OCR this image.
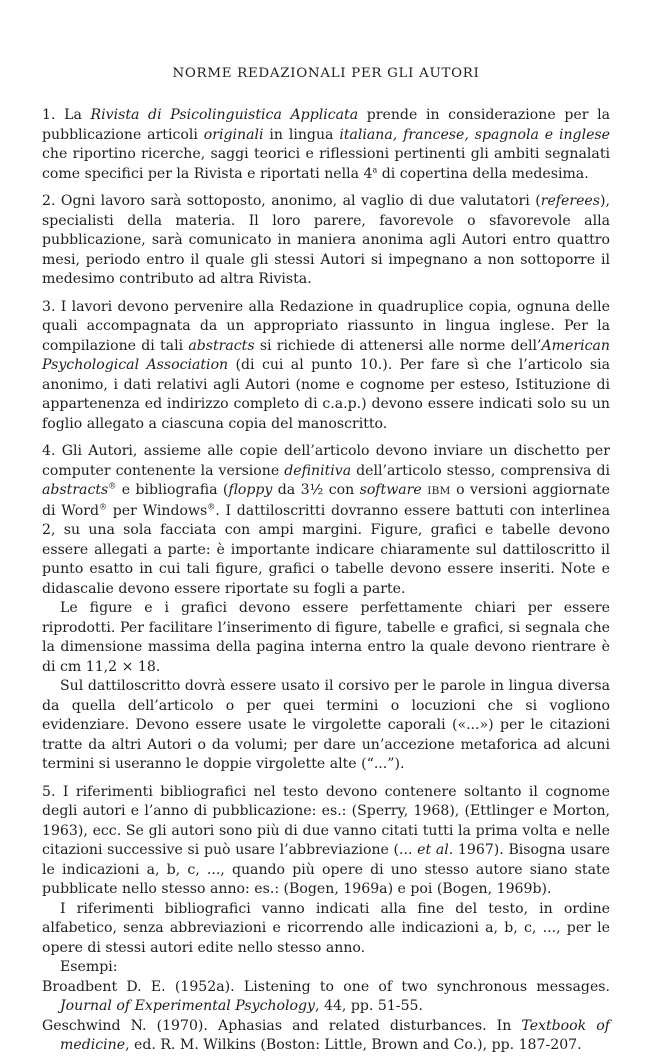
NORME REDAZIONALI PER GLI AUTORI

1. La Rivista di Psicolinguistica Applicata prende in considerazione per la pubblicazione articoli originali in lingua italiana, francese, spagnola e inglese che riportino ricerche, saggi teorici e riflessioni pertinenti gli ambiti segnalati come specifici per la Rivista e riportati nella 4$^a$ di copertina della medesima.

2. Ogni lavoro sarà sottoposto, anonimo, al vaglio di due valutatori (referees), specialisti della materia. Il loro parere, favorevole o sfavorevole alla pubblicazione, sarà comunicato in maniera anonima agli Autori entro quattro mesi, periodo entro il quale gli stessi Autori si impegnano a non sottoporre il medesimo contributo ad altra Rivista.

3. I lavori devono pervenire alla Redazione in quadruplice copia, ognuna delle quali accompagnata da un appropriato riassunto in lingua inglese. Per la compilazione di tali abstracts si richiede di attenersi alle norme dell’American Psychological Association (di cui al punto 10.). Per fare sì che l’articolo sia anonimo, i dati relativi agli Autori (nome e cognome per esteso, Istituzione di appartenenza ed indirizzo completo di c.a.p.) devono essere indicati solo su un foglio allegato a ciascuna copia del manoscritto.

4. Gli Autori, assieme alle copie dell’articolo devono inviare un dischetto per computer contenente la versione definitiva dell’articolo stesso, comprensiva di abstracts® e bibliografia (floppy da 3½ con software IBM o versioni aggiornate di Word® per Windows®. I dattiloscritti dovranno essere battuti con interlinea 2, su una sola facciata con ampi margini. Figure, grafici e tabelle devono essere allegati a parte: è importante indicare chiaramente sul dattiloscritto il punto esatto in cui tali figure, grafici o tabelle devono essere inseriti. Note e didascalie devono essere riportate su fogli a parte.

Le figure e i grafici devono essere perfettamente chiari per essere riprodotti. Per facilitare l’inserimento di figure, tabelle e grafici, si segnala che la dimensione massima della pagina interna entro la quale devono rientrare è di cm 11,2 × 18.

Sul dattiloscritto dovrà essere usato il corsivo per le parole in lingua diversa da quella dell’articolo o per quei termini o locuzioni che si vogliono evidenziare. Devono essere usate le virgolette caporali («...») per le citazioni tratte da altri Autori o da volumi; per dare un’accezione metaforica ad alcuni termini si useranno le doppie virgolette alte (“...”).

5. I riferimenti bibliografici nel testo devono contenere soltanto il cognome degli autori e l’anno di pubblicazione: es.: (Sperry, 1968), (Ettlinger e Morton, 1963), ecc. Se gli autori sono più di due vanno citati tutti la prima volta e nelle citazioni successive si può usare l’abbreviazione (... et al. 1967). Bisogna usare le indicazioni a, b, c, ..., quando più opere di uno stesso autore siano state pubblicate nello stesso anno: es.: (Bogen, 1969a) e poi (Bogen, 1969b).

I riferimenti bibliografici vanno indicati alla fine del testo, in ordine alfabetico, senza abbreviazioni e ricorrendo alle indicazioni a, b, c, ..., per le opere di stessi autori edite nello stesso anno.

Esempi:

Broadbent D. E. (1952a). Listening to one of two synchronous messages. Journal of Experimental Psychology, 44, pp. 51-55.

Geschwind N. (1970). Aphasias and related disturbances. In Textbook of medicine, ed. R. M. Wilkins (Boston: Little, Brown and Co.), pp. 187-207.
